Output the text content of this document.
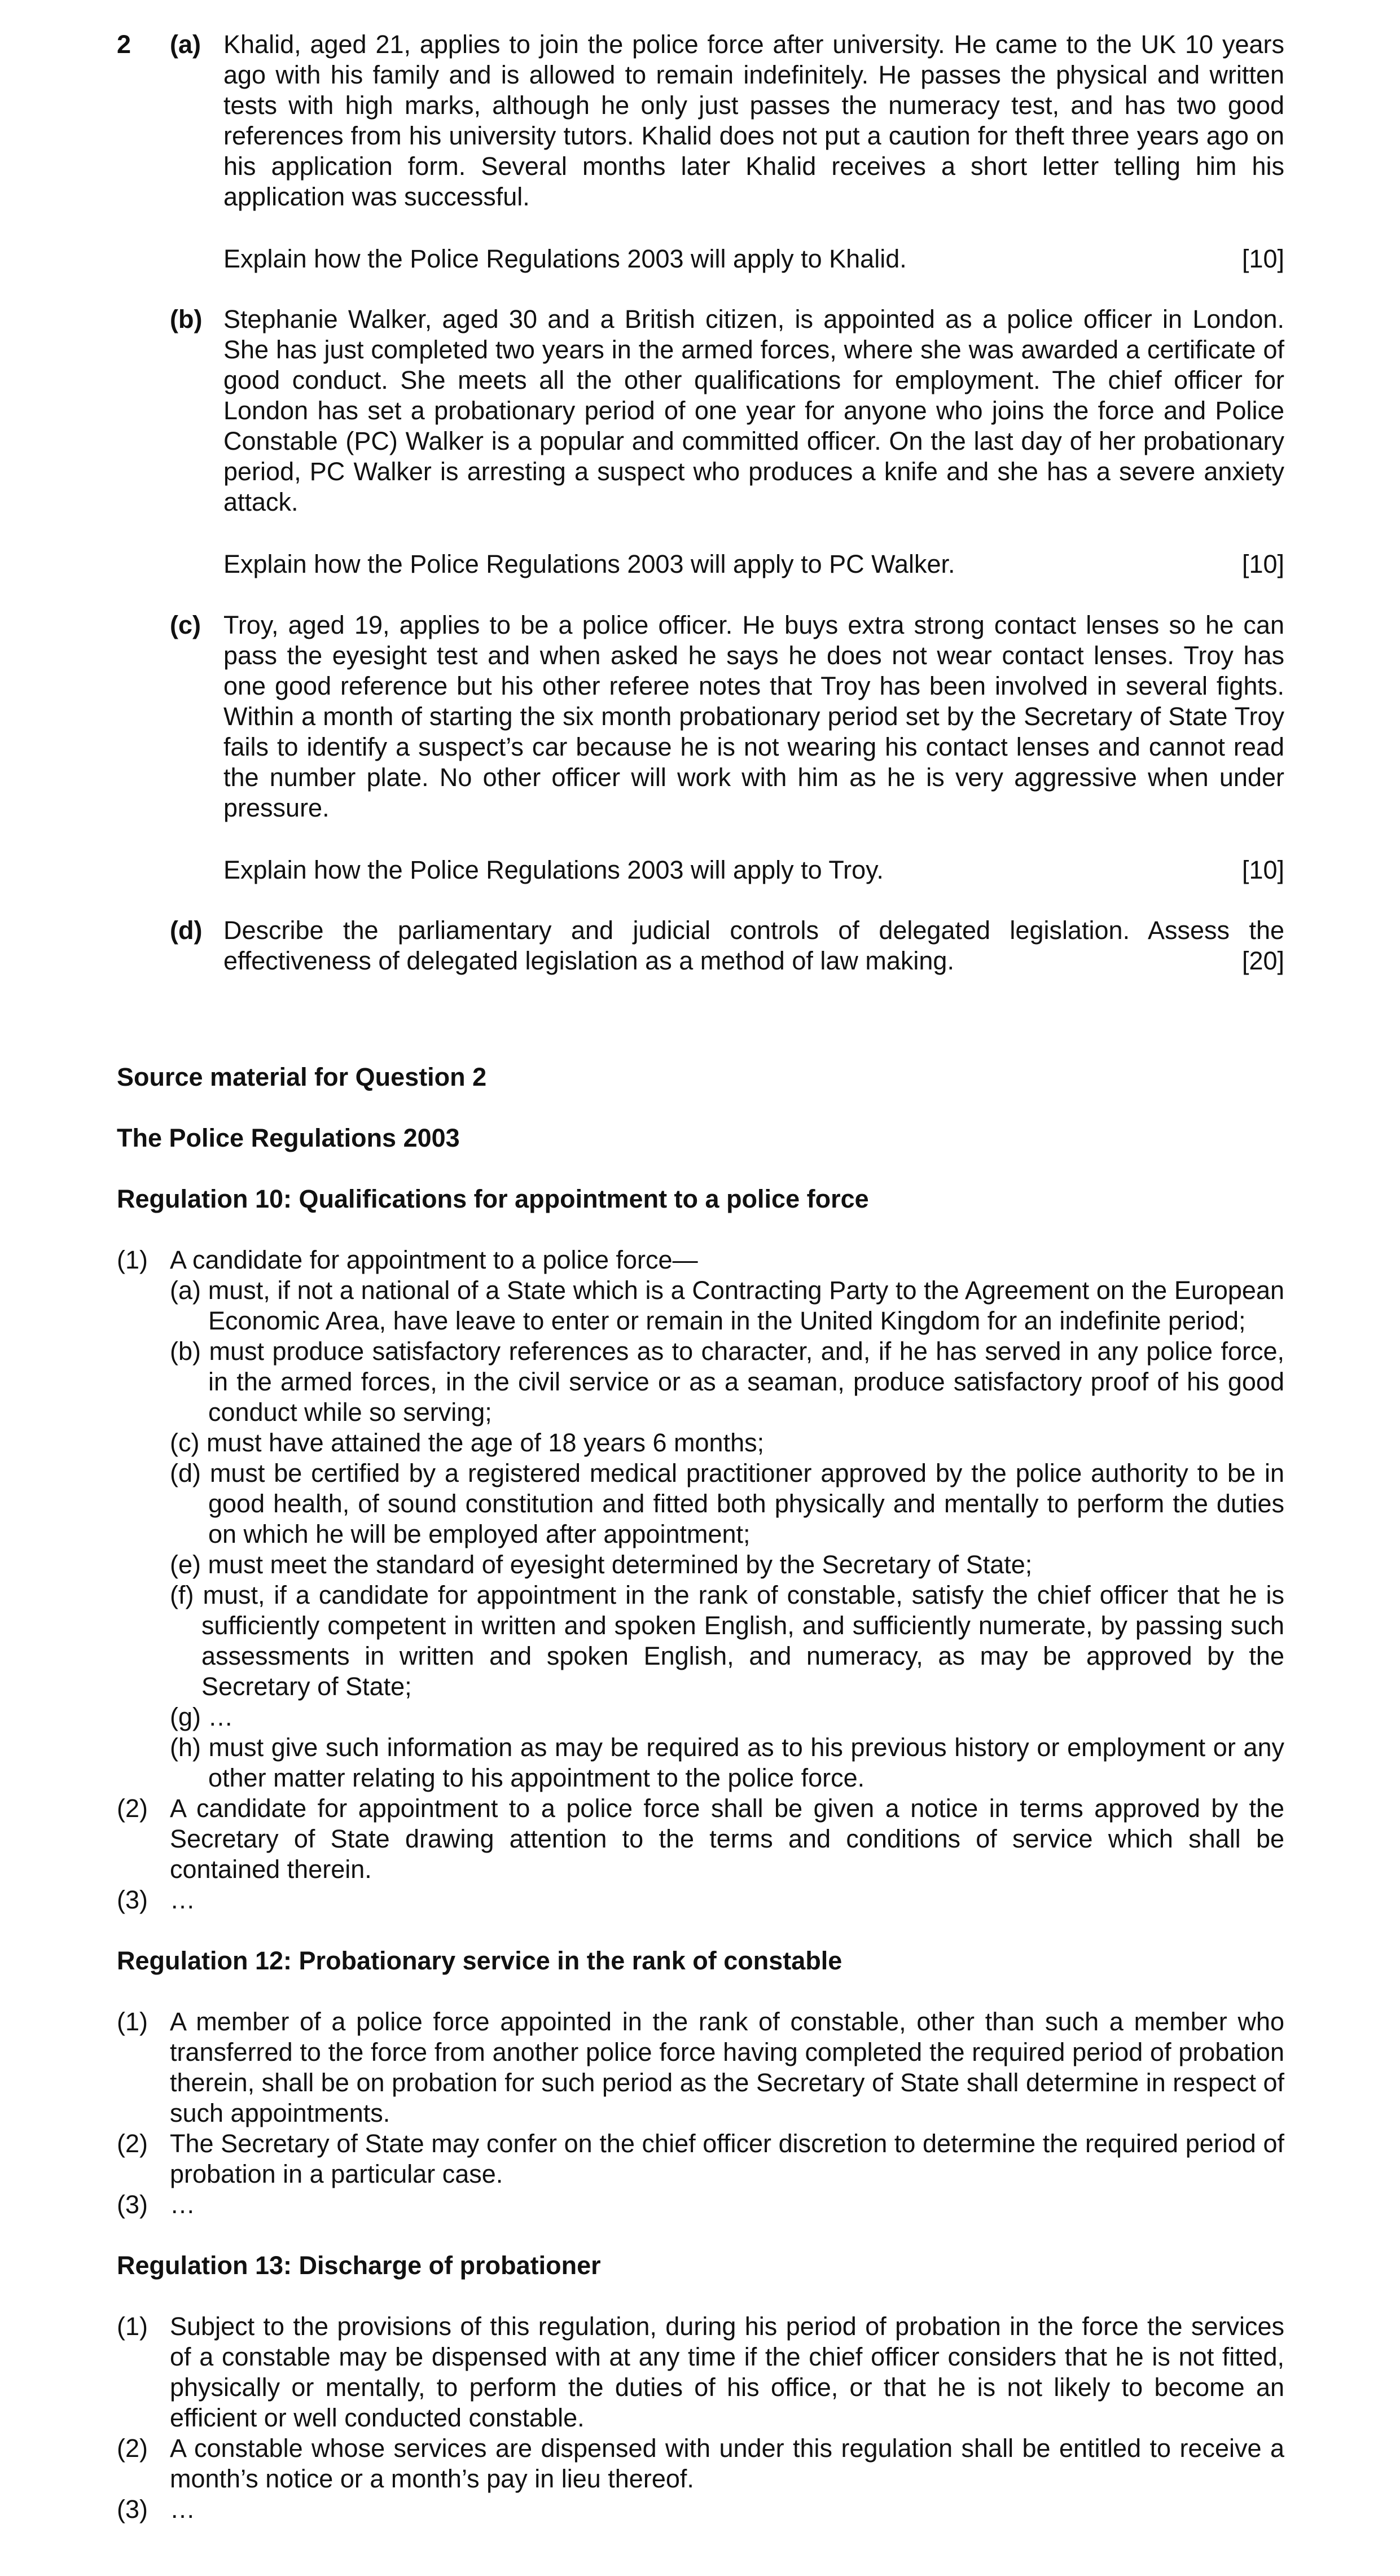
2 (a) Khalid, aged 21, applies to join the police force after university. He came to the UK 10 years ago with his family and is allowed to remain indefinitely. He passes the physical and written tests with high marks, although he only just passes the numeracy test, and has two good references from his university tutors. Khalid does not put a caution for theft three years ago on his application form. Several months later Khalid receives a short letter telling him his application was successful.
Explain how the Police Regulations 2003 will apply to Khalid.	[10]
(b) Stephanie Walker, aged 30 and a British citizen, is appointed as a police officer in London. She has just completed two years in the armed forces, where she was awarded a certificate of good conduct. She meets all the other qualifications for employment. The chief officer for London has set a probationary period of one year for anyone who joins the force and Police Constable (PC) Walker is a popular and committed officer. On the last day of her probationary period, PC Walker is arresting a suspect who produces a knife and she has a severe anxiety attack.
Explain how the Police Regulations 2003 will apply to PC Walker.	[10]
(c) Troy, aged 19, applies to be a police officer. He buys extra strong contact lenses so he can pass the eyesight test and when asked he says he does not wear contact lenses. Troy has one good reference but his other referee notes that Troy has been involved in several fights. Within a month of starting the six month probationary period set by the Secretary of State Troy fails to identify a suspect’s car because he is not wearing his contact lenses and cannot read the number plate. No other officer will work with him as he is very aggressive when under pressure.
Explain how the Police Regulations 2003 will apply to Troy.	[10]
(d) Describe the parliamentary and judicial controls of delegated legislation. Assess the
effectiveness of delegated legislation as a method of law making.	[20]
Source material for Question 2
The Police Regulations 2003
Regulation 10: Qualifications for appointment to a police force
(1) A candidate for appointment to a police force—
(a) must, if not a national of a State which is a Contracting Party to the Agreement on the European Economic Area, have leave to enter or remain in the United Kingdom for an indefinite period;
(b) must produce satisfactory references as to character, and, if he has served in any police force, in the armed forces, in the civil service or as a seaman, produce satisfactory proof of his good conduct while so serving;
(c) must have attained the age of 18 years 6 months;
(d) must be certified by a registered medical practitioner approved by the police authority to be in good health, of sound constitution and fitted both physically and mentally to perform the duties on which he will be employed after appointment;
(e) must meet the standard of eyesight determined by the Secretary of State;
(f) must, if a candidate for appointment in the rank of constable, satisfy the chief officer that he is sufficiently competent in written and spoken English, and sufficiently numerate, by passing such assessments in written and spoken English, and numeracy, as may be approved by the Secretary of State;
(g) …
(h) must give such information as may be required as to his previous history or employment or any other matter relating to his appointment to the police force.
(2) A candidate for appointment to a police force shall be given a notice in terms approved by the Secretary of State drawing attention to the terms and conditions of service which shall be contained therein.
(3) …
Regulation 12: Probationary service in the rank of constable
(1) A member of a police force appointed in the rank of constable, other than such a member who transferred to the force from another police force having completed the required period of probation therein, shall be on probation for such period as the Secretary of State shall determine in respect of such appointments.
(2) The Secretary of State may confer on the chief officer discretion to determine the required period of probation in a particular case.
(3) …
Regulation 13: Discharge of probationer
(1) Subject to the provisions of this regulation, during his period of probation in the force the services of a constable may be dispensed with at any time if the chief officer considers that he is not fitted, physically or mentally, to perform the duties of his office, or that he is not likely to become an efficient or well conducted constable.
(2) A constable whose services are dispensed with under this regulation shall be entitled to receive a month’s notice or a month’s pay in lieu thereof.
(3) …
